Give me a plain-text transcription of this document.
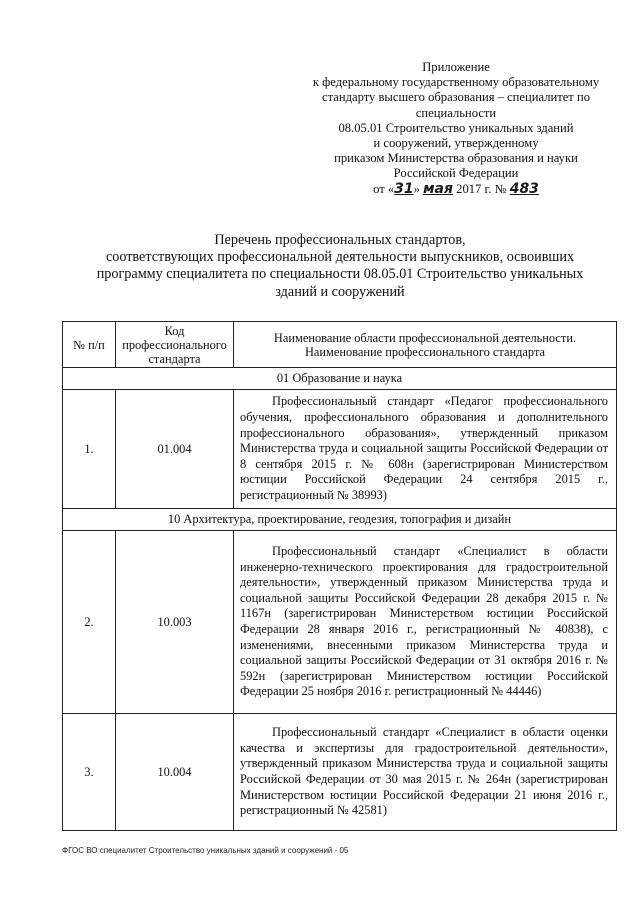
Приложение
к федеральному государственному образовательному
стандарту высшего образования – специалитет по
специальности
08.05.01 Строительство уникальных зданий
и сооружений, утвержденному
приказом Министерства образования и науки
Российской Федерации
от «31» мая 2017 г. № 483
Перечень профессиональных стандартов,
соответствующих профессиональной деятельности выпускников, освоивших
программу специалитета по специальности 08.05.01 Строительство уникальных
зданий и сооружений
№ п/п	Код профессионального стандарта	Наименование области профессиональной деятельности. Наименование профессионального стандарта
01 Образование и наука		
1.	01.004	Профессиональный стандарт «Педагог профессионального обучения, профессионального образования и дополнительного профессионального образования», утвержденный приказом Министерства труда и социальной защиты Российской Федерации от 8 сентября 2015 г. № 608н (зарегистрирован Министерством юстиции Российской Федерации 24 сентября 2015 г., регистрационный № 38993)
10 Архитектура, проектирование, геодезия, топография и дизайн		
2.	10.003	Профессиональный стандарт «Специалист в области инженерно-технического проектирования для градостроительной деятельности», утвержденный приказом Министерства труда и социальной защиты Российской Федерации 28 декабря 2015 г. № 1167н (зарегистрирован Министерством юстиции Российской Федерации 28 января 2016 г., регистрационный № 40838), с изменениями, внесенными приказом Министерства труда и социальной защиты Российской Федерации от 31 октября 2016 г. № 592н (зарегистрирован Министерством юстиции Российской Федерации 25 ноября 2016 г. регистрационный № 44446)
3.	10.004	Профессиональный стандарт «Специалист в области оценки качества и экспертизы для градостроительной деятельности», утвержденный приказом Министерства труда и социальной защиты Российской Федерации от 30 мая 2015 г. № 264н (зарегистрирован Министерством юстиции Российской Федерации 21 июня 2016 г., регистрационный № 42581)
ФГОС ВО специалитет Строительство уникальных зданий и сооружений - 05
